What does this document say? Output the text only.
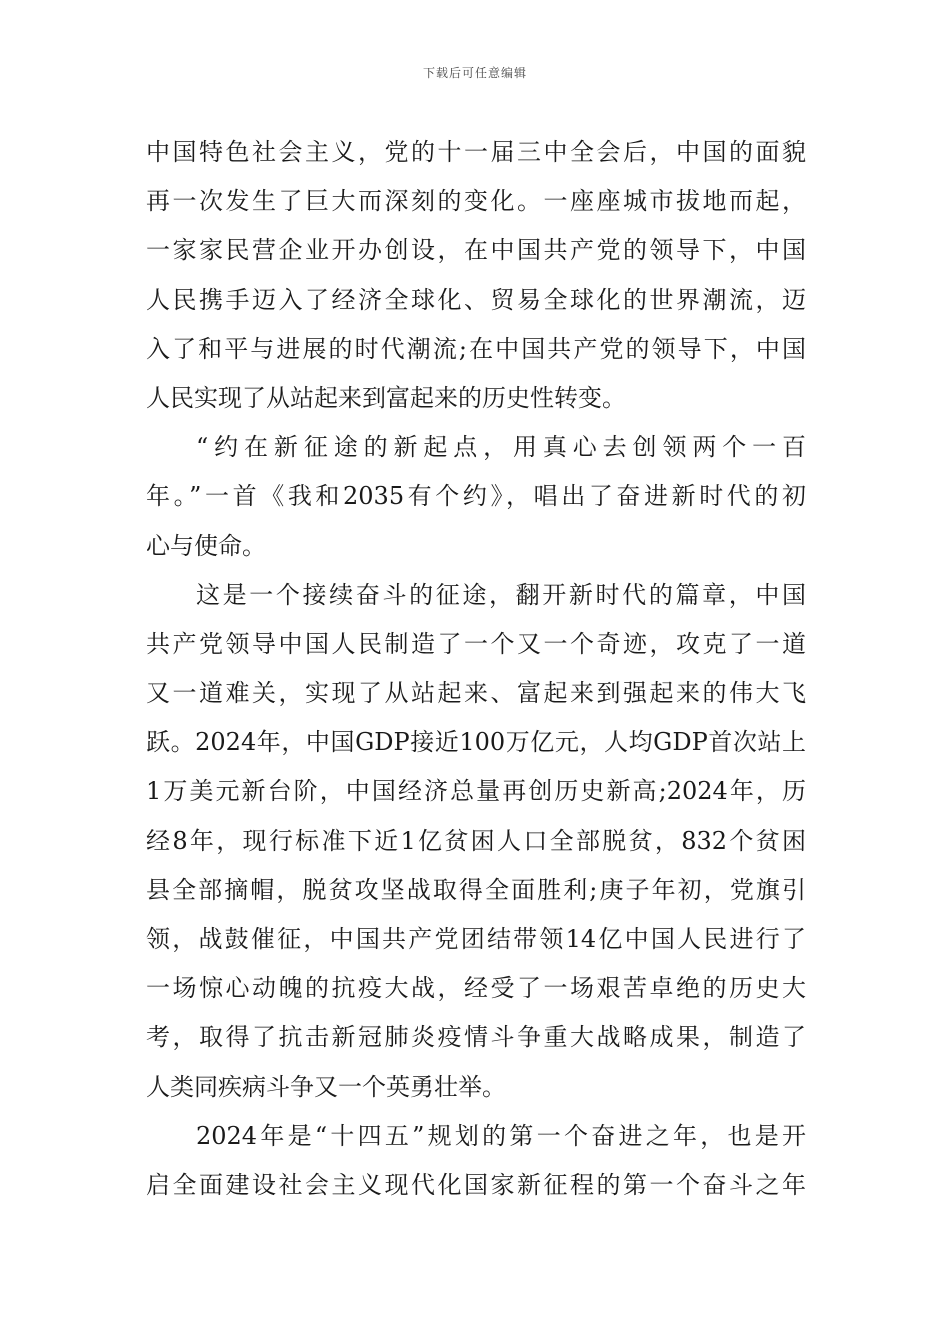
下载后可任意编辑
中国特色社会主义，党的十一届三中全会后，中国的面貌
再一次发生了巨大而深刻的变化。一座座城市拔地而起，
一家家民营企业开办创设，在中国共产党的领导下，中国
人民携手迈入了经济全球化、贸易全球化的世界潮流，迈
入了和平与进展的时代潮流;在中国共产党的领导下，中国
人民实现了从站起来到富起来的历史性转变。
“约在新征途的新起点，用真心去创领两个一百
年。”一首《我和2035有个约》，唱出了奋进新时代的初
心与使命。
这是一个接续奋斗的征途，翻开新时代的篇章，中国
共产党领导中国人民制造了一个又一个奇迹，攻克了一道
又一道难关，实现了从站起来、富起来到强起来的伟大飞
跃。2024年，中国GDP接近100万亿元，人均GDP首次站上
1万美元新台阶，中国经济总量再创历史新高;2024年，历
经8年，现行标准下近1亿贫困人口全部脱贫，832个贫困
县全部摘帽，脱贫攻坚战取得全面胜利;庚子年初，党旗引
领，战鼓催征，中国共产党团结带领14亿中国人民进行了
一场惊心动魄的抗疫大战，经受了一场艰苦卓绝的历史大
考，取得了抗击新冠肺炎疫情斗争重大战略成果，制造了
人类同疾病斗争又一个英勇壮举。
2024年是“十四五”规划的第一个奋进之年，也是开
启全面建设社会主义现代化国家新征程的第一个奋斗之年
